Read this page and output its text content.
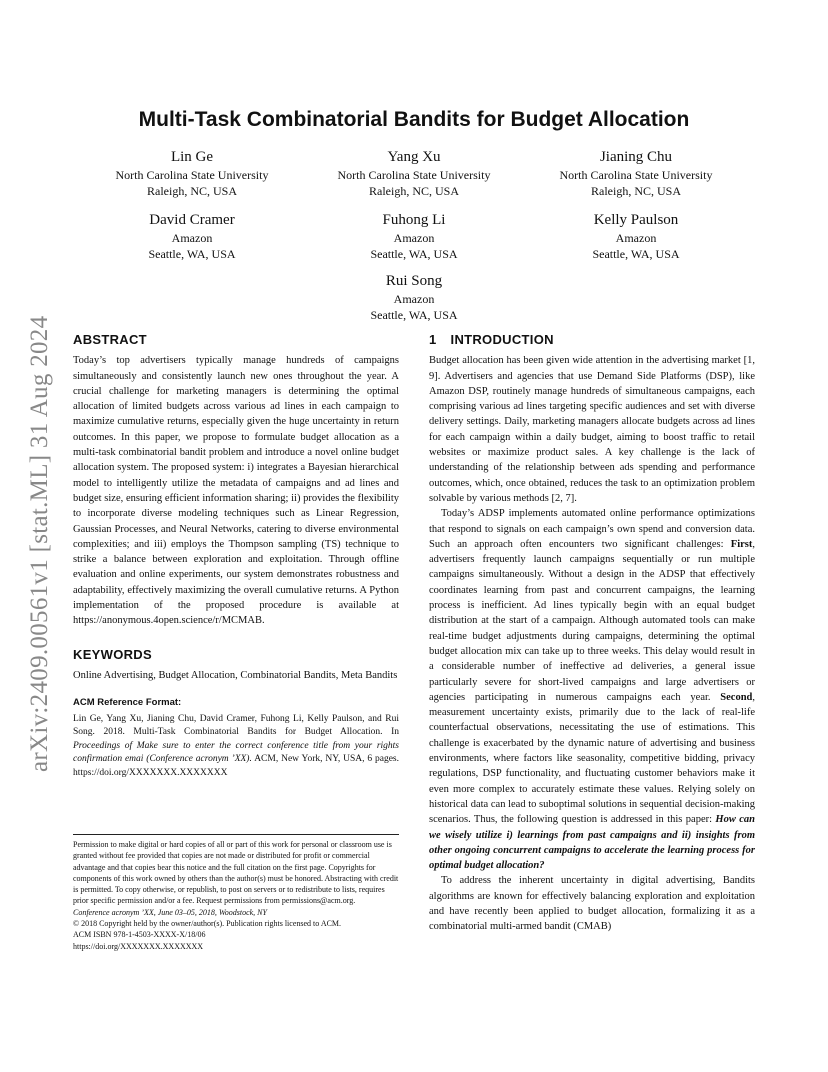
arXiv:2409.00561v1 [stat.ML] 31 Aug 2024
Multi-Task Combinatorial Bandits for Budget Allocation
Lin Ge
North Carolina State University
Raleigh, NC, USA
Yang Xu
North Carolina State University
Raleigh, NC, USA
Jianing Chu
North Carolina State University
Raleigh, NC, USA
David Cramer
Amazon
Seattle, WA, USA
Fuhong Li
Amazon
Seattle, WA, USA
Kelly Paulson
Amazon
Seattle, WA, USA
Rui Song
Amazon
Seattle, WA, USA
ABSTRACT

Today’s top advertisers typically manage hundreds of campaigns simultaneously and consistently launch new ones throughout the year. A crucial challenge for marketing managers is determining the optimal allocation of limited budgets across various ad lines in each campaign to maximize cumulative returns, especially given the huge uncertainty in return outcomes. In this paper, we propose to formulate budget allocation as a multi-task combinatorial bandit problem and introduce a novel online budget allocation system. The proposed system: i) integrates a Bayesian hierarchical model to intelligently utilize the metadata of campaigns and ad lines and budget size, ensuring efficient information sharing; ii) provides the flexibility to incorporate diverse modeling techniques such as Linear Regression, Gaussian Processes, and Neural Networks, catering to diverse environmental complexities; and iii) employs the Thompson sampling (TS) technique to strike a balance between exploration and exploitation. Through offline evaluation and online experiments, our system demonstrates robustness and adaptability, effectively maximizing the overall cumulative returns. A Python implementation of the proposed procedure is available at https://anonymous.4open.science/r/MCMAB.

KEYWORDS

Online Advertising, Budget Allocation, Combinatorial Bandits, Meta Bandits

ACM Reference Format:

Lin Ge, Yang Xu, Jianing Chu, David Cramer, Fuhong Li, Kelly Paulson, and Rui Song. 2018. Multi-Task Combinatorial Bandits for Budget Allocation. In Proceedings of Make sure to enter the correct conference title from your rights confirmation emai (Conference acronym ’XX). ACM, New York, NY, USA, 6 pages. https://doi.org/XXXXXXX.XXXXXXX

Permission to make digital or hard copies of all or part of this work for personal or classroom use is granted without fee provided that copies are not made or distributed for profit or commercial advantage and that copies bear this notice and the full citation on the first page. Copyrights for components of this work owned by others than the author(s) must be honored. Abstracting with credit is permitted. To copy otherwise, or republish, to post on servers or to redistribute to lists, requires prior specific permission and/or a fee. Request permissions from permissions@acm.org.

Conference acronym ’XX, June 03–05, 2018, Woodstock, NY

© 2018 Copyright held by the owner/author(s). Publication rights licensed to ACM.

ACM ISBN 978-1-4503-XXXX-X/18/06

https://doi.org/XXXXXXX.XXXXXXX

1 INTRODUCTION

Budget allocation has been given wide attention in the advertising market [1, 9]. Advertisers and agencies that use Demand Side Platforms (DSP), like Amazon DSP, routinely manage hundreds of simultaneous campaigns, each comprising various ad lines targeting specific audiences and set with diverse delivery settings. Daily, marketing managers allocate budgets across ad lines for each campaign within a daily budget, aiming to boost traffic to retail websites or maximize product sales. A key challenge is the lack of understanding of the relationship between ads spending and performance outcomes, which, once obtained, reduces the task to an optimization problem solvable by various methods [2, 7].

Today’s ADSP implements automated online performance optimizations that respond to signals on each campaign’s own spend and conversion data. Such an approach often encounters two significant challenges: First, advertisers frequently launch campaigns sequentially or run multiple campaigns simultaneously. Without a design in the ADSP that effectively coordinates learning from past and concurrent campaigns, the learning process is inefficient. Ad lines typically begin with an equal budget distribution at the start of a campaign. Although automated tools can make real-time budget adjustments during campaigns, determining the optimal budget allocation mix can take up to three weeks. This delay would result in a considerable number of ineffective ad deliveries, a general issue particularly severe for short-lived campaigns and large advertisers or agencies participating in numerous campaigns each year. Second, measurement uncertainty exists, primarily due to the lack of real-life counterfactual observations, necessitating the use of estimations. This challenge is exacerbated by the dynamic nature of advertising and business environments, where factors like seasonality, competitive bidding, privacy regulations, DSP functionality, and fluctuating customer behaviors make it even more complex to accurately estimate these values. Relying solely on historical data can lead to suboptimal solutions in sequential decision-making scenarios. Thus, the following question is addressed in this paper: How can we wisely utilize i) learnings from past campaigns and ii) insights from other ongoing concurrent campaigns to accelerate the learning process for optimal budget allocation?

To address the inherent uncertainty in digital advertising, Bandits algorithms are known for effectively balancing exploration and exploitation and have recently been applied to budget allocation, formalizing it as a combinatorial multi-armed bandit (CMAB)
